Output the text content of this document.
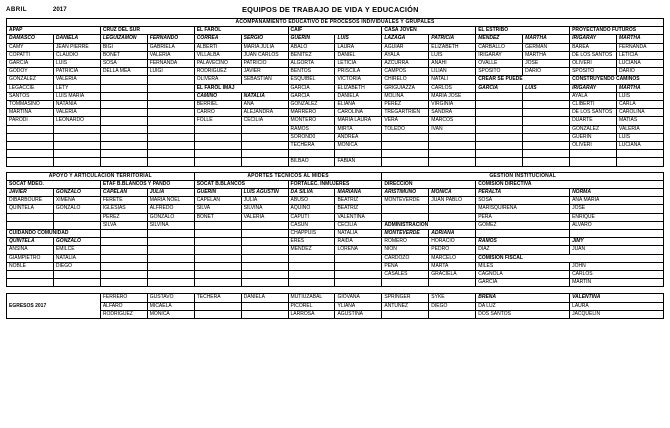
ABRIL	2017	EQUIPOS DE TRABAJO DE VIDA Y EDUCACIÓN
ACOMPAÑAMIENTO EDUCATIVO DE PROCESOS INDIVIDUALES Y GRUPALES													
APAP		CRUZ DEL SUR		EL FAROL		CAIF		CASA JOVEN		EL ESTRIBO		PROYECTANDO FUTUROS	
DAMASCO	DANIELA	LEGUIZAMÓN	FERNANDO	CORREA	SERGIO	GUERÍN	LUIS	LAZAGA	PATRICIA	MÉNDEZ	MARTHA	IRIGARAY	MARTHA
CAMY	JEAN PIERRE	BIGI	GABRIELA	ALBERTI	MARÍA JULIA	ABALO	LAURA	AGUIAR	ELIZABETH	CARBALLO	GERMÁN	BAREA	FERNANDA
COPATTI	CLAUDIO	BONET	VALERIA	VILLALBA	JUAN CARLOS	BENITEZ	DANIEL	AYALA	LUIS	IRIGARAY	MARTHA	DE LOS SANTOS	LETICIA
GARCÍA	LUIS	SOSA	FERNANDA	PALAVECINO	PATRICIO	ALGORTA	LETICIA	AZCURRA	ANAHÍ	OVALLE	JOSÉ	OLIVERI	LUCIANA
GODOY	PATRICIA	DELLA MEA	LUIGI	RODRÍGUEZ	JAVIER	BENTOS	PRISCILA	CAMPOS	LILIÁN	SPOSITO	DARIO	SPOSITO	DARIO
GONZÁLEZ	VALERIA			OLIVERA	SEBASTIÁN	ESQUIBEL	VICTORIA	CHIRELO	NATALÍ	CREAR SE PUEDE		CONSTRUYENDO CAMINOS	
LEGACCIE	LETY			EL FAROL IMAJ		GARCÍA	ELIZABETH	GRIGUIAZZA	CARLOS	GARCÍA	LUIS	IRIGARAY	MARTHA
SANTOS	LUIS MARÍA			CAMINO	NATALIA	GARCÍA	DANIELA	MOLINA	MARÍA JOSÉ			AYALA	LUIS
TOMMASINO	NATANIA			BERRIEL	ANA	GONZÁLEZ	ELIANA	PÉREZ	VIRGINIA			CLIBERTI	CARLA
MARTINA	VALERIA			CARRO	ALEJANDRA	MARRERO	CAROLINA	TREGARTRIEN	SANDRA			DE LOS SANTOS	CAROLINA
PARODI	LEONARDO			FOLLE	CECILIA	MONTERO	MARÍA LAURA	VERA	MARCOS			DUARTE	MATIAS
						RAMOS	MIRTA	TOLEDO	IVAN			GONZÁLEZ	VALERIA
						SOROND0	ANDREA					GUERIN	LUIS
						TECHERA	MÓNICA					OLIVERI	LUCIANA

						BILBAO	FABIÁN						
APOYO Y ARTICULACION TERRITORIAL				APORTES TECNICOS AL MIDES				GESTIÓN INSTITUCIONAL			
SOCAT MDEO.		ETAF B.BLANCOS Y PANDO		SOCAT B.BLANCOS		FORTALEC. INMUJERES		DIRECCIÓN		COMISION DIRECTIVA	
JAVIER	GONZALO	CAPELÁN	JULIA	GUERÍN	LUIS AGUSTÍN	DA SILVA	MARIANA	ARISTIMUÑO	MÓNICA	PERALTA	NORMA
DIBARBOURE	XIMENA	FERETE	MARÍA NOEL	CAPELÁN	JULIA	ABUSO	BEATRIZ	MONTEVERDE	JUAN PABLO	SOSA	ANA MARÍA
QUINTELA	GONZALO	IGLESIAS	ALFREDO	SILVA	SILVINA	AQUINO	BEATRIZ			MARISQUIRENA	JOSÉ
		PÉREZ	GONZALO	BONET	VALERIA	CAPUTI	VALENTINA			PERA	ENRIQUE
		SILVA	SILVINA			CASUN	CECILIA	ADMINISTRACIÓN		GOMEZ	ALVARO
CUIDANDO COMUNIDAD						CHAPPUIS	NATALIA	MONTEVERDE	ADRIANA		
QUINTELA	GONZALO					ERES	RAIDA	ROMERO	HORACIO	RAMOS	JIMY
ANSINA	EMILCE					MENDEZ	LORENA	NION	PEDRO	DIAZ	JUAN
GIAMPIETRO	NATALIA							CARDOZO	MARCELO	COMISION FISCAL	
NOBLE	DIEGO							PEÑA	MARTA	MILES	JOHN
								CASALES	GRACIELA	CAGNOLA	CARLOS
										GARCÍA	MARTÍN
EGRESOS 2017	FERRERO	GUSTAVO	TECHERA	DANIELA	MUTIUZÁBAL	GIOVANA	SPRINGER	SYKE	BRENA	VALENTINA
	ALFARO	MICAELA			PICOREL	YLIANA	ANTUNEZ	DIEGO	DA LUZ	LAURA
	RODRÍGUEZ	MÓNICA			LARROSA	AGUSTINA			DOS SANTOS	JACQUELIN
